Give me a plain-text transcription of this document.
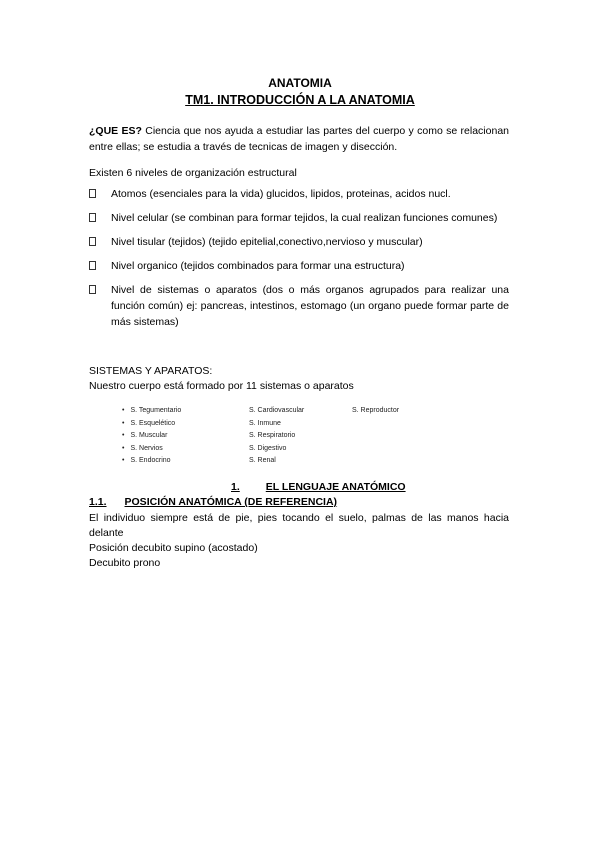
ANATOMIA
TM1. INTRODUCCIÓN A LA ANATOMIA
¿QUE ES? Ciencia que nos ayuda a estudiar las partes del cuerpo y como se relacionan entre ellas; se estudia a través de tecnicas de imagen y disección.
Existen 6 niveles de organización estructural
Atomos (esenciales para la vida) glucidos, lipidos, proteinas, acidos nucl.
Nivel celular (se combinan para formar tejidos, la cual realizan funciones comunes)
Nivel tisular (tejidos) (tejido epitelial,conectivo,nervioso y muscular)
Nivel organico (tejidos combinados para formar una estructura)
Nivel de sistemas o aparatos (dos o más organos agrupados para realizar una función común) ej: pancreas, intestinos, estomago (un organo puede formar parte de más sistemas)
SISTEMAS Y APARATOS:
Nuestro cuerpo está formado por 11 sistemas o aparatos
• S. Tegumentario
• S. Esquelético
• S. Muscular
• S. Nervios
• S. Endocrino
S. Cardiovascular
S. Inmune
S. Respiratorio
S. Digestivo
S. Renal
S. Reproductor
1. EL LENGUAJE ANATÓMICO
1.1. POSICIÓN ANATÓMICA (DE REFERENCIA)

El individuo siempre está de pie, pies tocando el suelo, palmas de las manos hacia delante

Posición decubito supino (acostado)

Decubito prono
